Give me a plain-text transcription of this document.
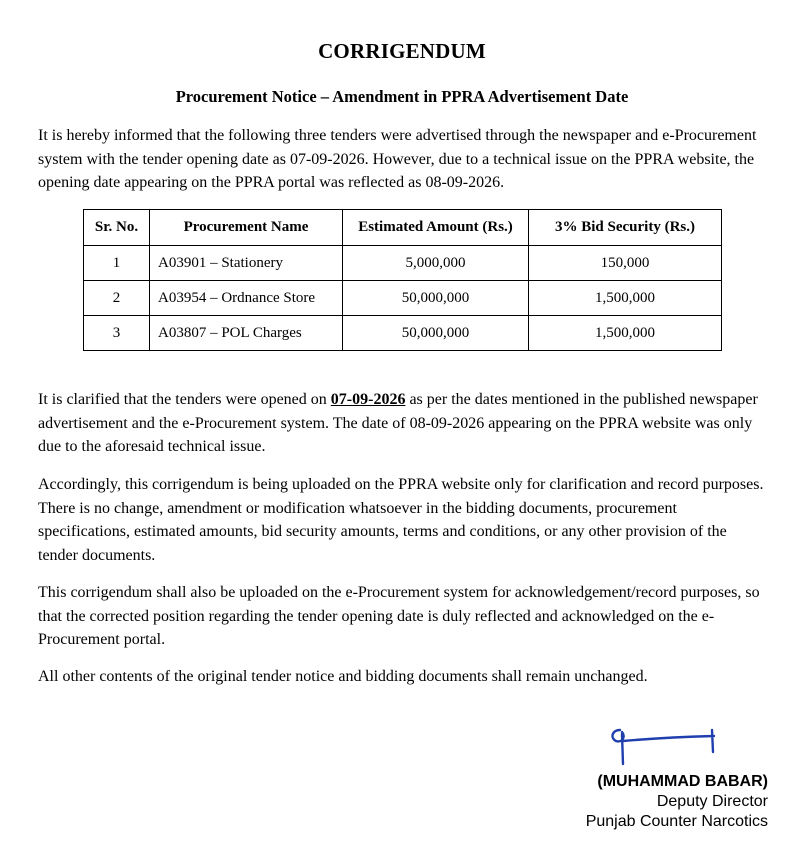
CORRIGENDUM
Procurement Notice – Amendment in PPRA Advertisement Date

It is hereby informed that the following three tenders were advertised through the newspaper and e-Procurement system with the tender opening date as 07-09-2026. However, due to a technical issue on the PPRA website, the opening date appearing on the PPRA portal was reflected as 08-09-2026.

Sr. No.	Procurement Name	Estimated Amount (Rs.)	3% Bid Security (Rs.)
1	A03901 – Stationery	5,000,000	150,000
2	A03954 – Ordnance Store	50,000,000	1,500,000
3	A03807 – POL Charges	50,000,000	1,500,000

It is clarified that the tenders were opened on 07-09-2026 as per the dates mentioned in the published newspaper advertisement and the e-Procurement system. The date of 08-09-2026 appearing on the PPRA website was only due to the aforesaid technical issue.

Accordingly, this corrigendum is being uploaded on the PPRA website only for clarification and record purposes. There is no change, amendment or modification whatsoever in the bidding documents, procurement specifications, estimated amounts, bid security amounts, terms and conditions, or any other provision of the tender documents.

This corrigendum shall also be uploaded on the e-Procurement system for acknowledgement/record purposes, so that the corrected position regarding the tender opening date is duly reflected and acknowledged on the e-Procurement portal.

All other contents of the original tender notice and bidding documents shall remain unchanged.

(MUHAMMAD BABAR)
Deputy Director
Punjab Counter Narcotics
